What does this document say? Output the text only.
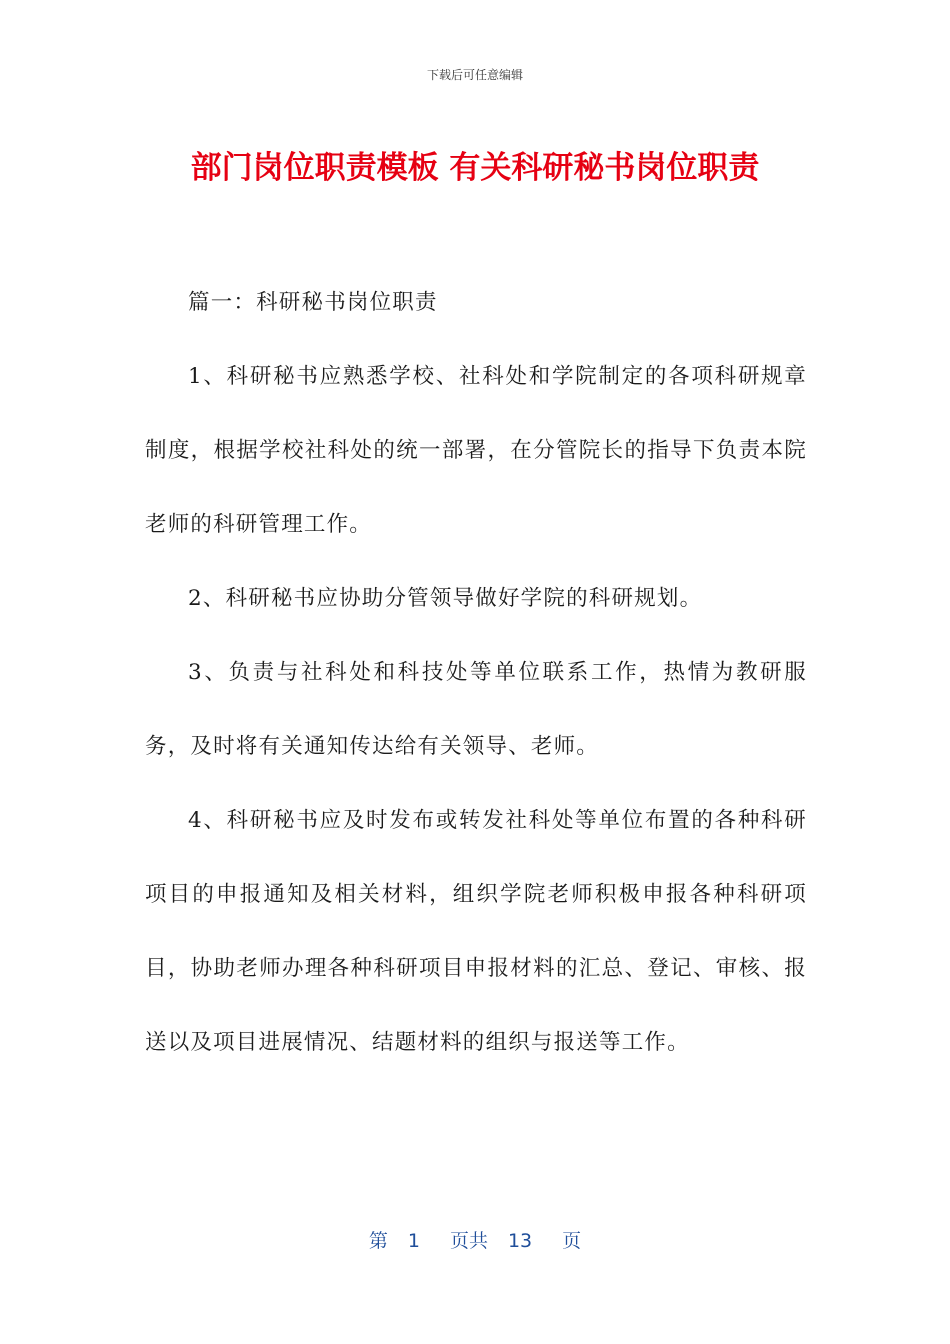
下载后可任意编辑
部门岗位职责模板 有关科研秘书岗位职责

篇一：科研秘书岗位职责

1、科研秘书应熟悉学校、社科处和学院制定的各项科研规章制度，根据学校社科处的统一部署，在分管院长的指导下负责本院老师的科研管理工作。

2、科研秘书应协助分管领导做好学院的科研规划。

3、负责与社科处和科技处等单位联系工作，热情为教研服务，及时将有关通知传达给有关领导、老师。

4、科研秘书应及时发布或转发社科处等单位布置的各种科研项目的申报通知及相关材料，组织学院老师积极申报各种科研项目，协助老师办理各种科研项目申报材料的汇总、登记、审核、报送以及项目进展情况、结题材料的组织与报送等工作。

第 1 页共 13 页
